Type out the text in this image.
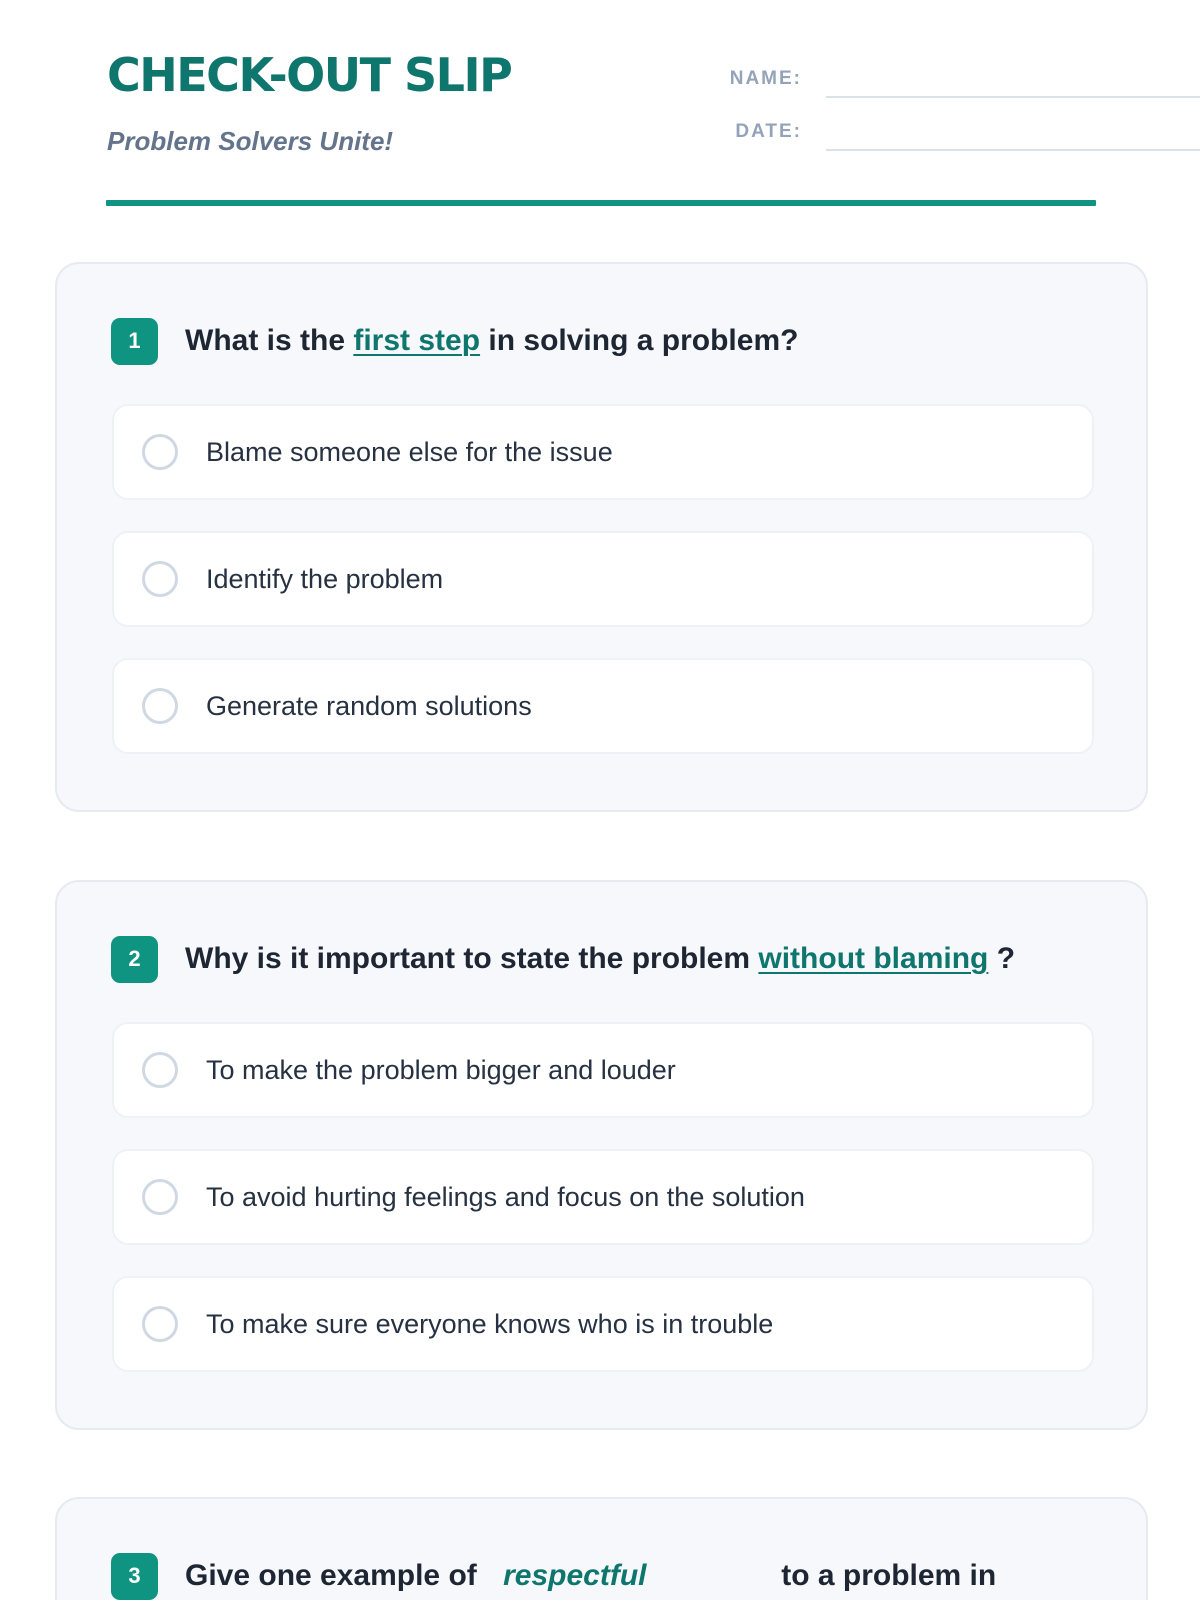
CHECK-OUT SLIP

Problem Solvers Unite!

NAME:
DATE:
1	What is the first step in solving a problem?
Blame someone else for the issue
Identify the problem
Generate random solutions
2	Why is it important to state the problem without blaming ?
To make the problem bigger and louder
To avoid hurting feelings and focus on the solution
To make sure everyone knows who is in trouble
3	Give one example of respectful	to a problem in
